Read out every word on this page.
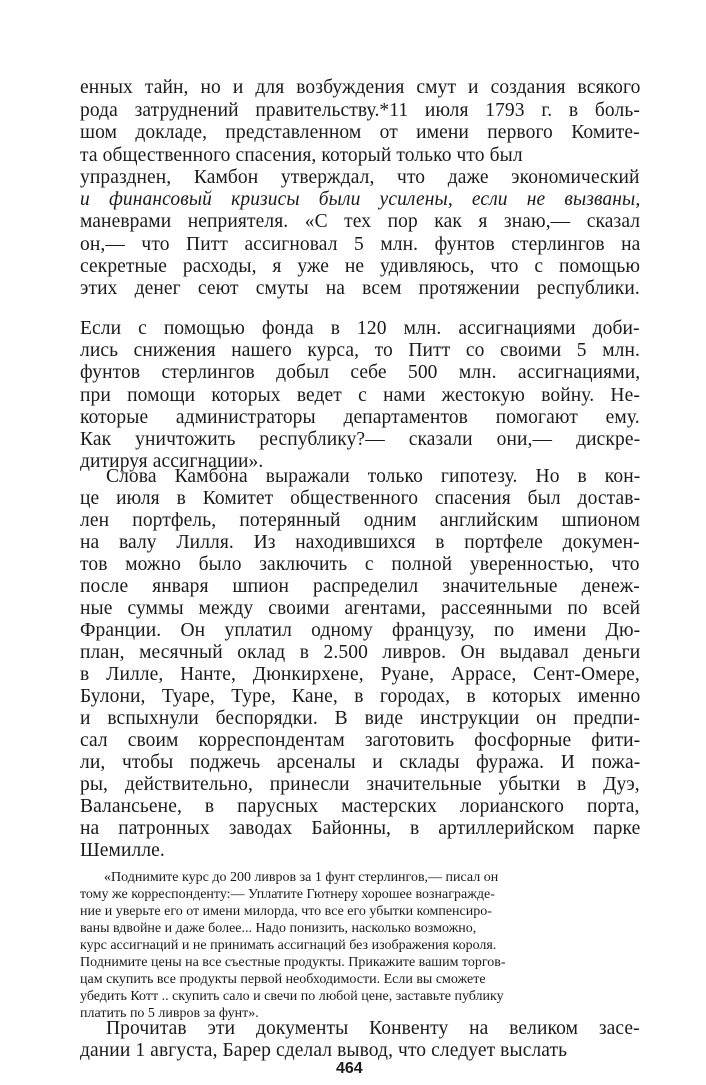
енных тайн, но и для возбуждения смут и создания всякого
рода затруднений правительству.*11 июля 1793 г. в боль-
шом докладе, представленном от имени первого Комите-
та общественного спасения, который только что был
упразднен, Камбон утверждал, что даже экономический
и финансовый кризисы были усилены, если не вызваны,
маневрами неприятеля. «С тех пор как я знаю,— сказал
он,— что Питт ассигновал 5 млн. фунтов стерлингов на
секретные расходы, я уже не удивляюсь, что с помощью
этих денег сеют смуты на всем протяжении республики.
Если с помощью фонда в 120 млн. ассигнациями доби-
лись снижения нашего курса, то Питт со своими 5 млн.
фунтов стерлингов добыл себе 500 млн. ассигнациями,
при помощи которых ведет с нами жестокую войну. Не-
которые администраторы департаментов помогают ему.
Как уничтожить республику?— сказали они,— дискре-
дитируя ассигнации».
Слова Камбона выражали только гипотезу. Но в кон-
це июля в Комитет общественного спасения был достав-
лен портфель, потерянный одним английским шпионом
на валу Лилля. Из находившихся в портфеле докумен-
тов можно было заключить с полной уверенностью, что
после января шпион распределил значительные денеж-
ные суммы между своими агентами, рассеянными по всей
Франции. Он уплатил одному французу, по имени Дю-
план, месячный оклад в 2.500 ливров. Он выдавал деньги
в Лилле, Нанте, Дюнкирхене, Руане, Аррасе, Сент-Омере,
Булони, Туаре, Туре, Кане, в городах, в которых именно
и вспыхнули беспорядки. В виде инструкции он предпи-
сал своим корреспондентам заготовить фосфорные фити-
ли, чтобы поджечь арсеналы и склады фуража. И пожа-
ры, действительно, принесли значительные убытки в Дуэ,
Валансьене, в парусных мастерских лорианского порта,
на патронных заводах Байонны, в артиллерийском парке
Шемилле.
«Поднимите курс до 200 ливров за 1 фунт стерлингов,— писал он
тому же корреспонденту:— Уплатите Гютнеру хорошее вознагражде-
ние и уверьте его от имени милорда, что все его убытки компенсиро-
ваны вдвойне и даже более... Надо понизить, насколько возможно,
курс ассигнаций и не принимать ассигнаций без изображения короля.
Поднимите цены на все съестные продукты. Прикажите вашим торгов-
цам скупить все продукты первой необходимости. Если вы сможете
убедить Котт .. скупить сало и свечи по любой цене, заставьте публику
платить по 5 ливров за фунт».
Прочитав эти документы Конвенту на великом засе-
дании 1 августа, Барер сделал вывод, что следует выслать
464
